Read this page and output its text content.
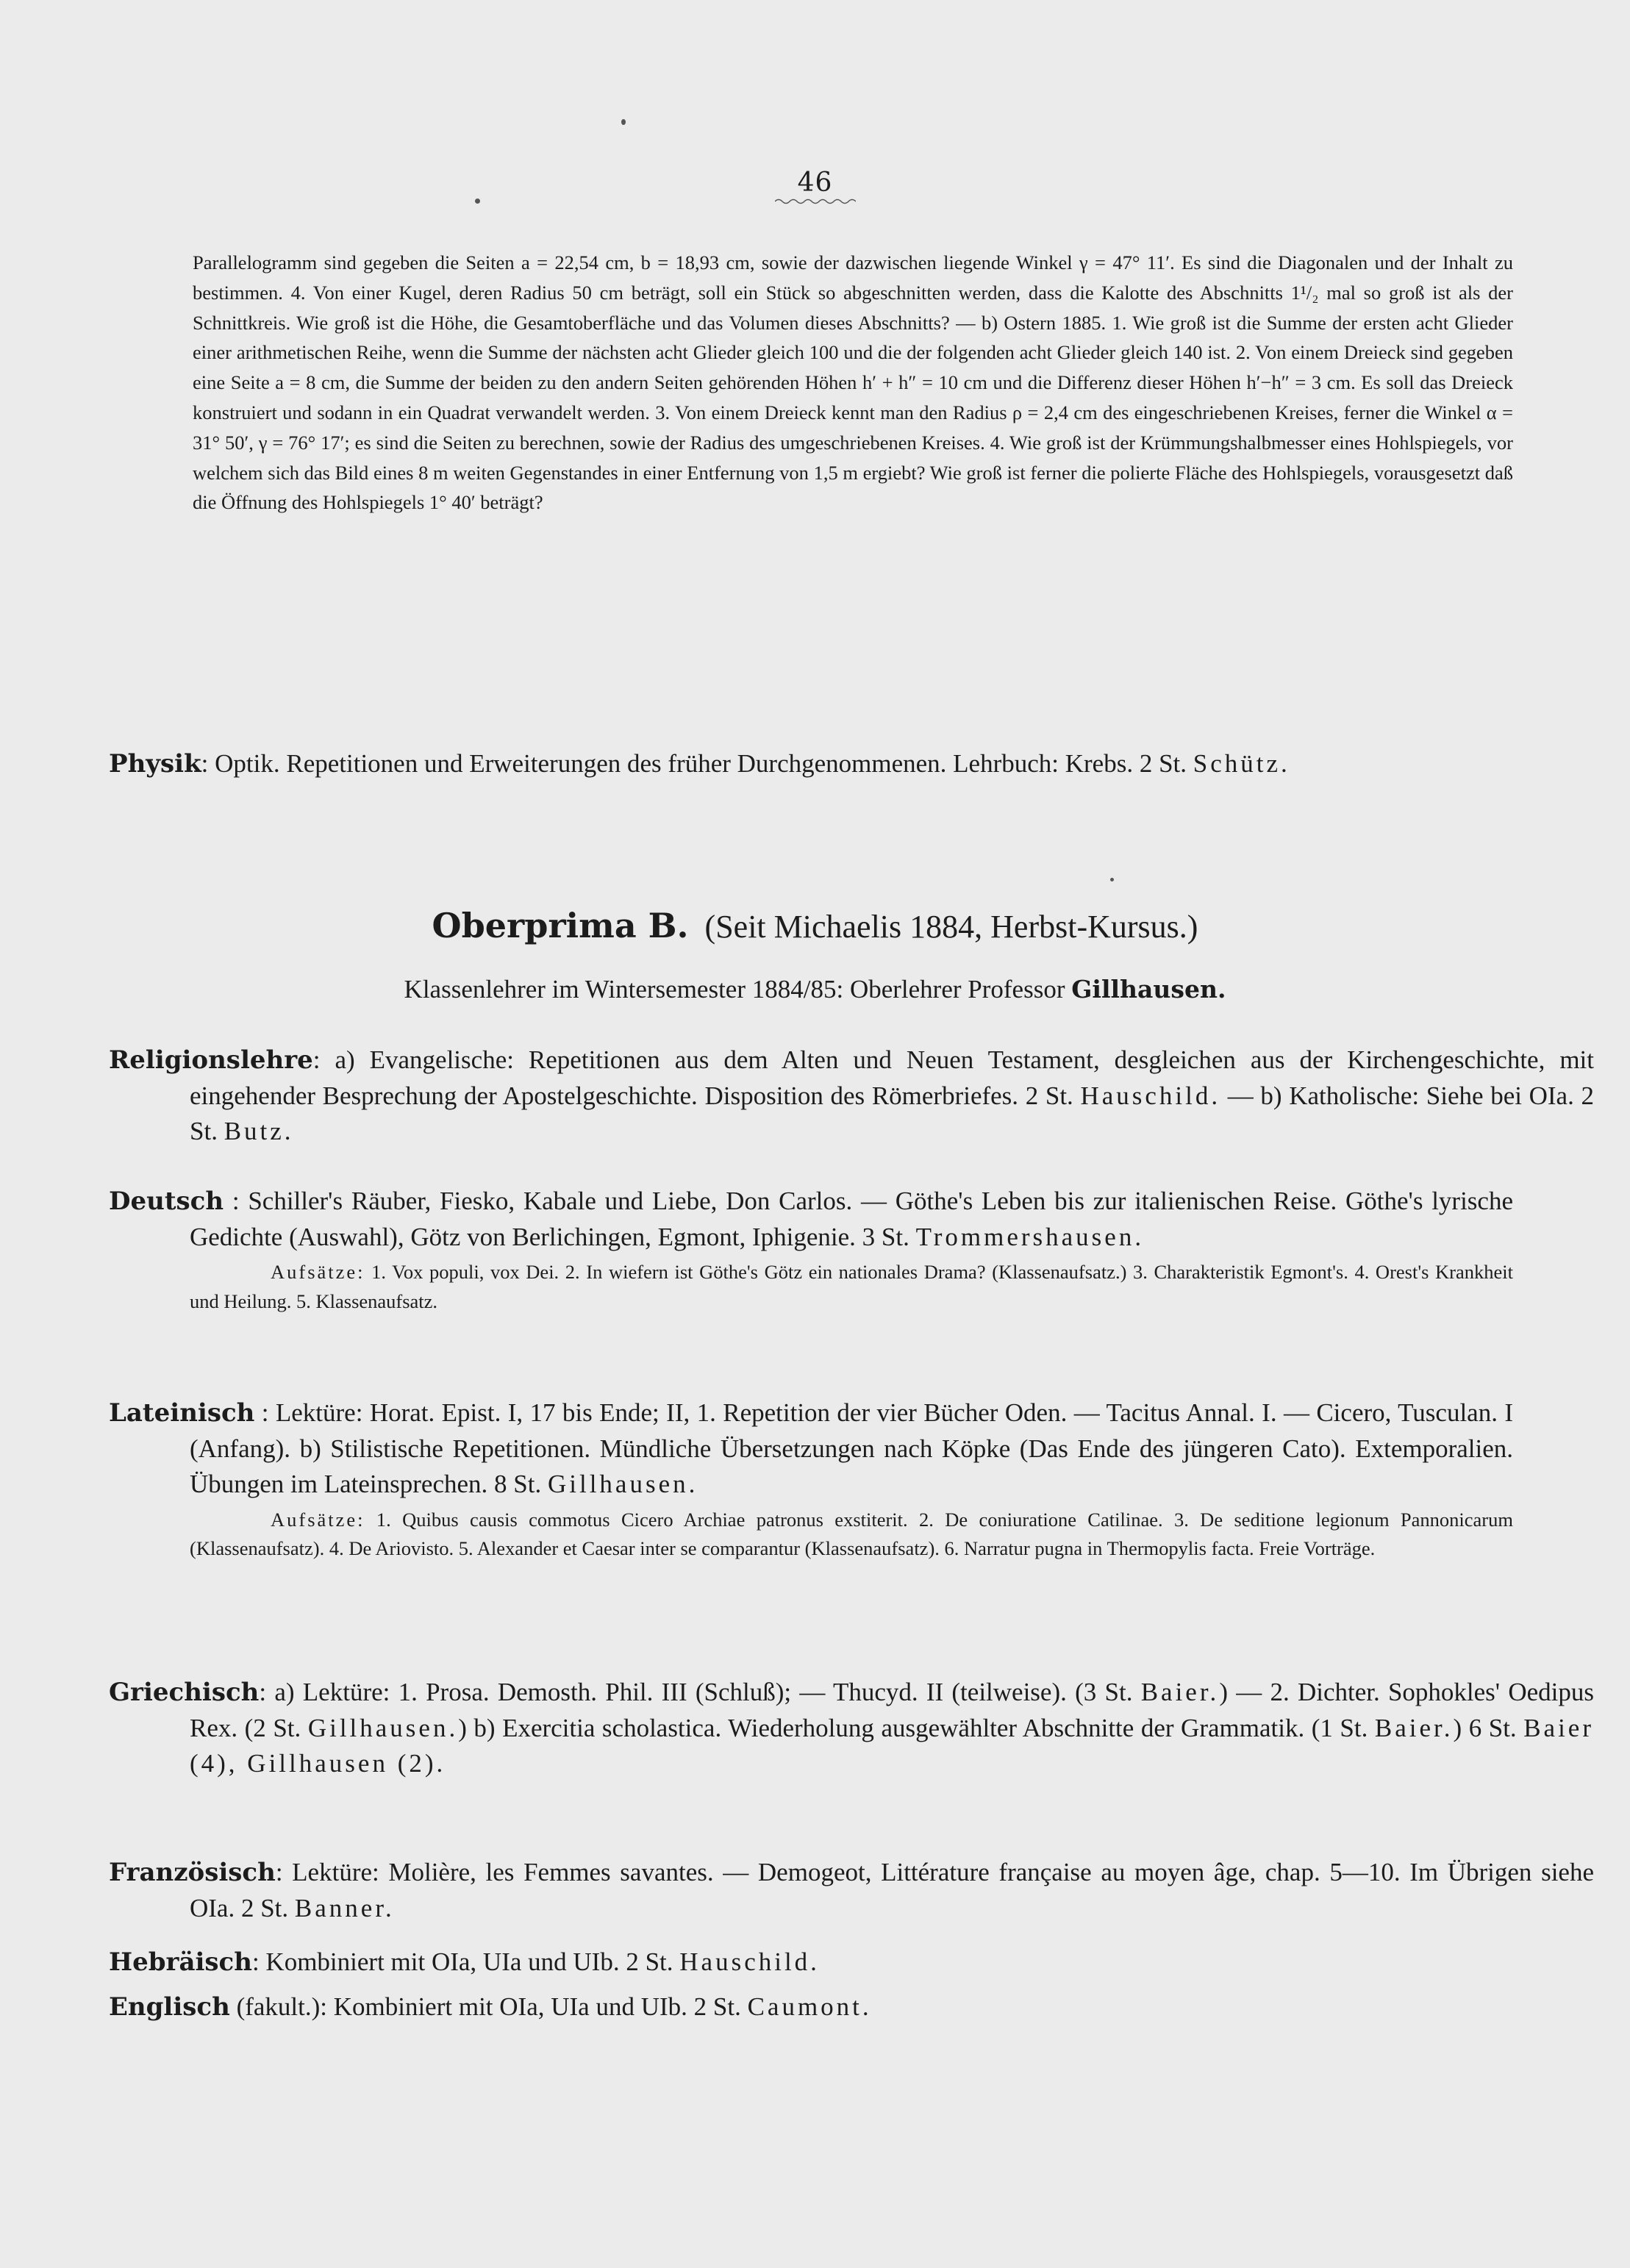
46
Parallelogramm sind gegeben die Seiten a = 22,54 cm, b = 18,93 cm, sowie der dazwischen liegende Winkel γ = 47° 11′. Es sind die Diagonalen und der Inhalt zu bestimmen. 4. Von einer Kugel, deren Radius 50 cm beträgt, soll ein Stück so abgeschnitten werden, dass die Kalotte des Abschnitts 1¹/₂ mal so groß ist als der Schnittkreis. Wie groß ist die Höhe, die Gesamtoberfläche und das Volumen dieses Abschnitts? — b) Ostern 1885. 1. Wie groß ist die Summe der ersten acht Glieder einer arithmetischen Reihe, wenn die Summe der nächsten acht Glieder gleich 100 und die der folgenden acht Glieder gleich 140 ist. 2. Von einem Dreieck sind gegeben eine Seite a = 8 cm, die Summe der beiden zu den andern Seiten gehörenden Höhen h′ + h″ = 10 cm und die Differenz dieser Höhen h′−h″ = 3 cm. Es soll das Dreieck konstruiert und sodann in ein Quadrat verwandelt werden. 3. Von einem Dreieck kennt man den Radius ρ = 2,4 cm des eingeschriebenen Kreises, ferner die Winkel α = 31° 50′, γ = 76° 17′; es sind die Seiten zu berechnen, sowie der Radius des umgeschriebenen Kreises. 4. Wie groß ist der Krümmungshalbmesser eines Hohlspiegels, vor welchem sich das Bild eines 8 m weiten Gegenstandes in einer Entfernung von 1,5 m ergiebt? Wie groß ist ferner die polierte Fläche des Hohlspiegels, vorausgesetzt daß die Öffnung des Hohlspiegels 1° 40′ beträgt?
Physik: Optik. Repetitionen und Erweiterungen des früher Durchgenommenen. Lehrbuch: Krebs. 2 St. Schütz.
Oberprima B. (Seit Michaelis 1884, Herbst-Kursus.)
Klassenlehrer im Wintersemester 1884/85: Oberlehrer Professor Gillhausen.
Religionslehre: a) Evangelische: Repetitionen aus dem Alten und Neuen Testament, desgleichen aus der Kirchengeschichte, mit eingehender Besprechung der Apostelgeschichte. Disposition des Römerbriefes. 2 St. Hauschild. — b) Katholische: Siehe bei OIa. 2 St. Butz.
Deutsch : Schiller's Räuber, Fiesko, Kabale und Liebe, Don Carlos. — Göthe's Leben bis zur italienischen Reise. Göthe's lyrische Gedichte (Auswahl), Götz von Berlichingen, Egmont, Iphigenie. 3 St. Trommershausen.
Aufsätze: 1. Vox populi, vox Dei. 2. In wiefern ist Göthe's Götz ein nationales Drama? (Klassenaufsatz.) 3. Charakteristik Egmont's. 4. Orest's Krankheit und Heilung. 5. Klassenaufsatz.
Lateinisch : Lektüre: Horat. Epist. I, 17 bis Ende; II, 1. Repetition der vier Bücher Oden. — Tacitus Annal. I. — Cicero, Tusculan. I (Anfang). b) Stilistische Repetitionen. Mündliche Übersetzungen nach Köpke (Das Ende des jüngeren Cato). Extemporalien. Übungen im Lateinsprechen. 8 St. Gillhausen.
Aufsätze: 1. Quibus causis commotus Cicero Archiae patronus exstiterit. 2. De coniuratione Catilinae. 3. De seditione legionum Pannonicarum (Klassenaufsatz). 4. De Ariovisto. 5. Alexander et Caesar inter se comparantur (Klassenaufsatz). 6. Narratur pugna in Thermopylis facta. Freie Vorträge.
Griechisch: a) Lektüre: 1. Prosa. Demosth. Phil. III (Schluß); — Thucyd. II (teilweise). (3 St. Baier.) — 2. Dichter. Sophokles' Oedipus Rex. (2 St. Gillhausen.) b) Exercitia scholastica. Wiederholung ausgewählter Abschnitte der Grammatik. (1 St. Baier.) 6 St. Baier (4), Gillhausen (2).
Französisch: Lektüre: Molière, les Femmes savantes. — Demogeot, Littérature française au moyen âge, chap. 5—10. Im Übrigen siehe OIa. 2 St. Banner.
Hebräisch: Kombiniert mit OIa, UIa und UIb. 2 St. Hauschild.
Englisch (fakult.): Kombiniert mit OIa, UIa und UIb. 2 St. Caumont.
